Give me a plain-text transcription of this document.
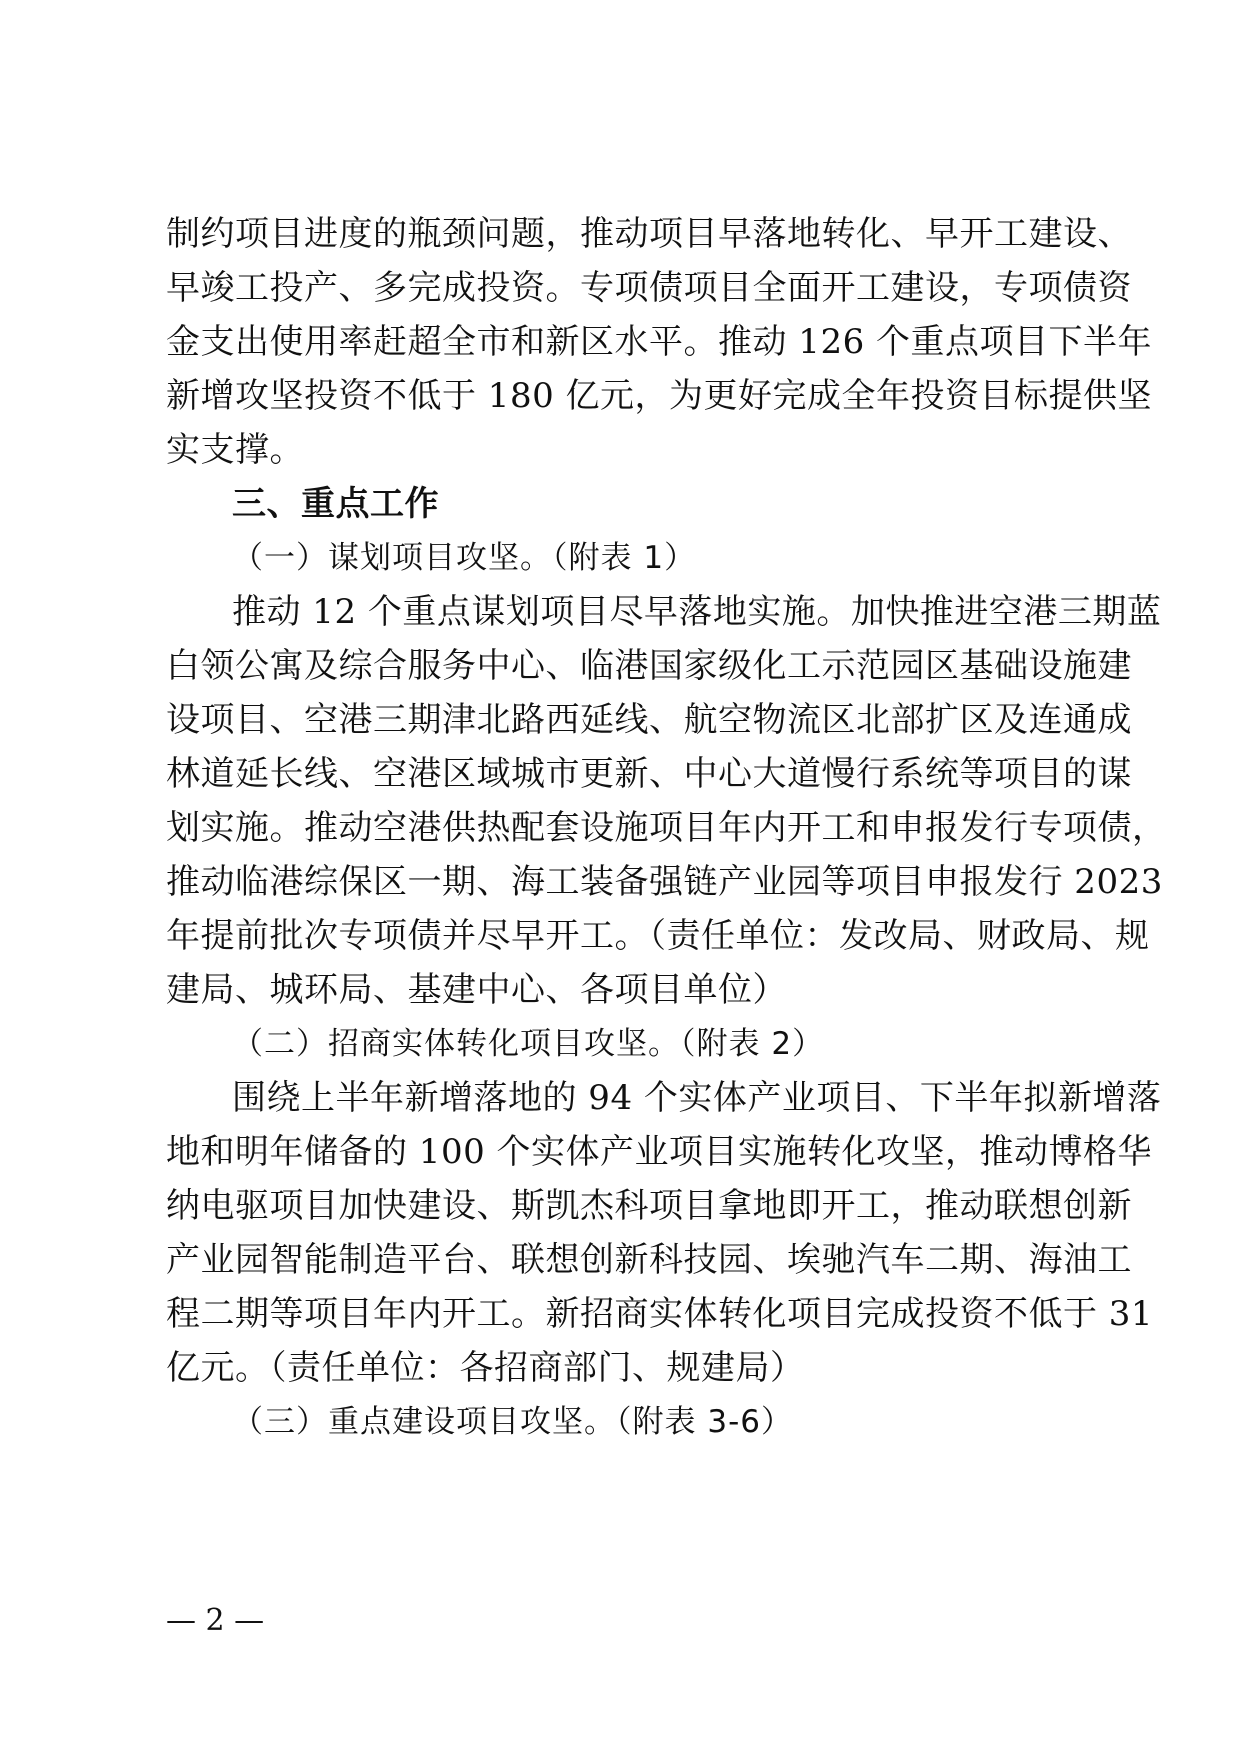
制约项目进度的瓶颈问题，推动项目早落地转化、早开工建设、
早竣工投产、多完成投资。专项债项目全面开工建设，专项债资
金支出使用率赶超全市和新区水平。推动 126 个重点项目下半年
新增攻坚投资不低于 180 亿元，为更好完成全年投资目标提供坚
实支撑。
三、重点工作
（一）谋划项目攻坚。（附表 1）
推动 12 个重点谋划项目尽早落地实施。加快推进空港三期蓝
白领公寓及综合服务中心、临港国家级化工示范园区基础设施建
设项目、空港三期津北路西延线、航空物流区北部扩区及连通成
林道延长线、空港区域城市更新、中心大道慢行系统等项目的谋
划实施。推动空港供热配套设施项目年内开工和申报发行专项债，
推动临港综保区一期、海工装备强链产业园等项目申报发行 2023
年提前批次专项债并尽早开工。（责任单位：发改局、财政局、规
建局、城环局、基建中心、各项目单位）
（二）招商实体转化项目攻坚。（附表 2）
围绕上半年新增落地的 94 个实体产业项目、下半年拟新增落
地和明年储备的 100 个实体产业项目实施转化攻坚，推动博格华
纳电驱项目加快建设、斯凯杰科项目拿地即开工，推动联想创新
产业园智能制造平台、联想创新科技园、埃驰汽车二期、海油工
程二期等项目年内开工。新招商实体转化项目完成投资不低于 31
亿元。（责任单位：各招商部门、规建局）
（三）重点建设项目攻坚。（附表 3-6）
— 2 —
